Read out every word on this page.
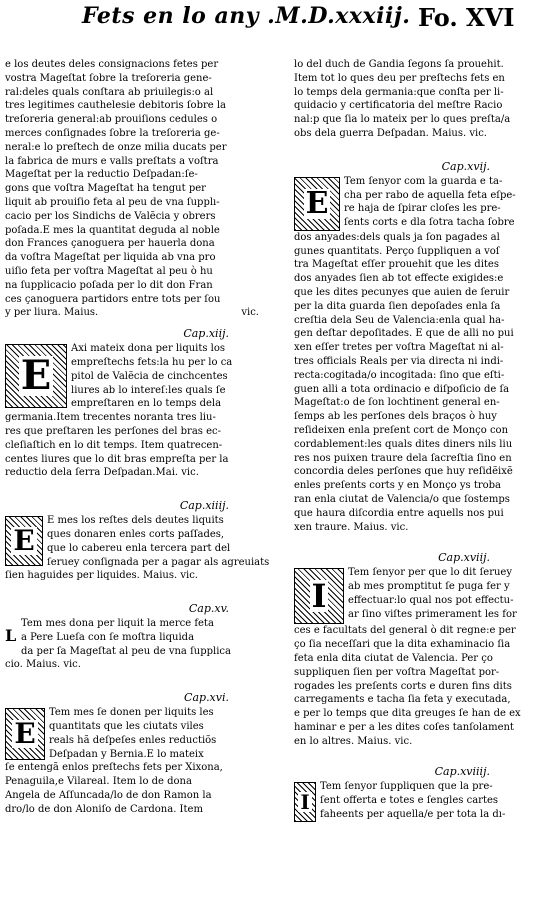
Fets en lo any .M.D.xxxiij. Fo. XVI
e los deutes deles consignacions fetes per
vostra Mageſtat ſobre la treſoreria gene-
ral:deles quals conſtara ab priuilegis:o al
tres legitimes cauthelesie debitoris ſobre la
treſoreria general:ab prouiſions cedules o
merces conſignades ſobre la treſoreria ge-
neral:e lo preſtech de onze milia ducats per
la fabrica de murs e valls preſtats a voſtra
Mageſtat per la reductio Deſpadan:ſe-
gons que voſtra Mageſtat ha tengut per
liquit ab prouiſio feta al peu de vna ſupplı-
cacio per los Sindichs de Valẽcia y obrers
poſada.E mes la quantitat deguda al noble
don Frances çanoguera per hauerla dona
da voſtra Mageſtat per liquida ab vna pro
uiſio feta per voſtra Mageſtat al peu ò hu
na ſupplicacio poſada per lo dit don Fran
ces çanoguera partidors entre tots per ſou
y per liura. Maius.	vic.
Cap.xiij.
E
Axi mateix dona per liquits los
empreſtechs fets:la hu per lo ca
pitol de Valẽcia de cinchcentes
liures ab lo intereſ:les quals ſe
empreſtaren en lo temps dela
germania.Item trecentes noranta tres liu-
res que preſtaren les perſones del bras ec-
cleſiaſtich en lo dit temps. Item quatrecen-
centes liures que lo dit bras empreſta per la
reductio dela ſerra Deſpadan.Mai. vic.
Cap.xiiij.
E
E mes los reſtes dels deutes liquits
ques donaren enles corts paſſades,
que lo cabereu enla tercera part del
ſeruey conſignada per a pagar als agreuiats
ſien haguides per liquides. Maius. vic.
Cap.xv.
L
Tem mes dona per liquit la merce feta
a Pere Lueſa con ſe moſtra liquida
da per ſa Mageſtat al peu de vna ſupplica
cio. Maius. vic.
Cap.xvi.
E
Tem mes ſe donen per liquits les
quantitats que les ciutats viles
reals hã deſpeſes enles reductiõs
Deſpadan y Bernia.E lo mateix
ſe entengã enlos preſtechs fets per Xixona,
Penaguila,e Vilareal. Item lo de dona
Angela de Aſſuncada/lo de don Ramon la
dro/lo de don Aloniſo de Cardona. Item
lo del duch de Gandia ſegons ſa prouehit.
Item tot lo ques deu per preſtechs fets en
lo temps dela germania:que conſta per li-
quidacio y certificatoria del meſtre Racio
nal:p que ſia lo mateix per lo ques preſta/a
obs dela guerra Deſpadan. Maius. vic.
Cap.xvij.
E
Tem ſenyor com la guarda e ta-
cha per rabo de aquella feta eſpe-
re haja de ſpirar cloſes les pre-
ſents corts e dla ſotra tacha ſobre
dos anyades:dels quals ja ſon pagades al
gunes quantitats. Perço ſuppliquen a voſ
tra Mageſtat eſſer prouehit que les dites
dos anyades ſien ab tot effecte exigides:e
que les dites pecunyes que auien de ſeruir
per la dita guarda ſien depoſades enla ſa
creſtia dela Seu de Valencia:enla qual ha-
gen deſtar depoſitades. E que de alli no pui
xen eſſer tretes per voſtra Mageſtat ni al-
tres officials Reals per via directa ni indi-
recta:cogitada/o incogitada: ſino que eſti-
guen alli a tota ordinacio e diſpoſicio de ſa
Mageſtat:o de ſon lochtinent general en-
ſemps ab les perſones dels braços ò huy
reſideixen enla preſent cort de Monço con
cordablement:les quals dites diners nils liu
res nos puixen traure dela ſacreſtia ſino en
concordia deles perſones que huy reſidẽixẽ
enles preſents corts y en Monço ys troba
ran enla ciutat de Valencia/o que ſostemps
que haura diſcordia entre aquells nos pui
xen traure. Maius. vic.
Cap.xviij.
I
Tem ſenyor per que lo dit ſeruey
ab mes promptitut ſe puga fer y
effectuar:lo qual nos pot effectu-
ar ſino viſtes primerament les for
ces e facultats del general ò dit regne:e per
ço ſia neceſſari que la dita exhaminacio ſia
feta enla dita ciutat de Valencia. Per ço
suppliquen ſien per voſtra Mageſtat por-
rogades les preſents corts e duren fins dits
carregaments e tacha ſia feta y executada,
e per lo temps que dita greuges ſe han de ex
haminar e per a les dites coſes tanſolament
en lo altres. Maius. vic.
Cap.xviiij.
I
Tem ſenyor ſuppliquen que la pre-
ſent offerta e totes e ſengles cartes
faheents per aquella/e per tota la dı-
